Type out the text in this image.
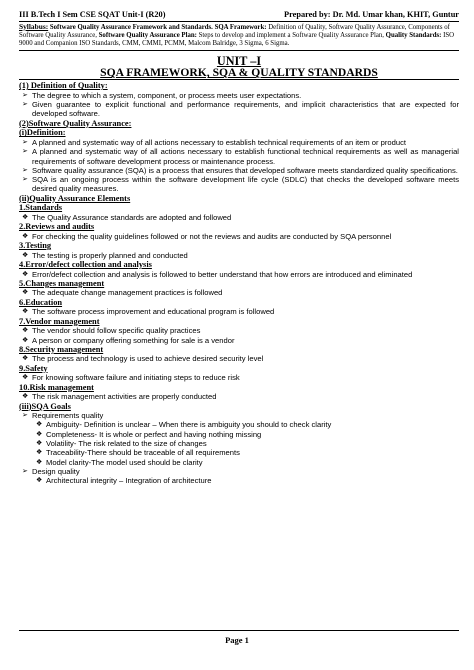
III B.Tech I Sem CSE SQAT Unit-I (R20)	Prepared by: Dr. Md. Umar khan, KHIT, Guntur
Syllabus: Software Quality Assurance Framework and Standards. SQA Framework: Definition of Quality, Software Quality Assurance, Components of Software Quality Assurance, Software Quality Assurance Plan: Steps to develop and implement a Software Quality Assurance Plan, Quality Standards: ISO 9000 and Companion ISO Standards, CMM, CMMI, PCMM, Malcom Balridge, 3 Sigma, 6 Sigma.
UNIT –I
SQA FRAMEWORK, SQA & QUALITY STANDARDS
(1) Definition of Quality:
➢ The degree to which a system, component, or process meets user expectations.
➢ Given guarantee to explicit functional and performance requirements, and implicit characteristics that are expected for developed software.
(2)Software Quality Assurance:
(i)Definition:
➢ A planned and systematic way of all actions necessary to establish technical requirements of an item or product
➢ A planned and systematic way of all actions necessary to establish functional technical requirements as well as managerial requirements of software development process or maintenance process.
➢ Software quality assurance (SQA) is a process that ensures that developed software meets standardized quality specifications.
➢ SQA is an ongoing process within the software development life cycle (SDLC) that checks the developed software meets desired quality measures.
(ii)Quality Assurance Elements
1.Standards
❖ The Quality Assurance standards are adopted and followed
2.Reviews and audits
❖ For checking the quality guidelines followed or not the reviews and audits are conducted by SQA personnel
3.Testing
❖ The testing is properly planned and conducted
4.Error/defect collection and analysis
❖ Error/defect collection and analysis is followed to better understand that how errors are introduced and eliminated
5.Changes management
❖ The adequate change management practices is followed
6.Education
❖ The software process improvement and educational program is followed
7.Vendor management
❖ The vendor should follow specific quality practices
❖ A person or company offering something for sale is a vendor
8.Security management
❖ The process and technology is used to achieve desired security level
9.Safety
❖ For knowing software failure and initiating steps to reduce risk
10.Risk management
❖ The risk management activities are properly conducted
(iii)SQA Goals
➢ Requirements quality
❖ Ambiguity- Definition is unclear – When there is ambiguity you should to check clarity
❖ Completeness- It is whole or perfect and having nothing missing
❖ Volatility- The risk related to the size of changes
❖ Traceability-There should be traceable of all requirements
❖ Model clarity-The model used should be clarity
➢ Design quality
❖ Architectural integrity – Integration of architecture
Page 1
